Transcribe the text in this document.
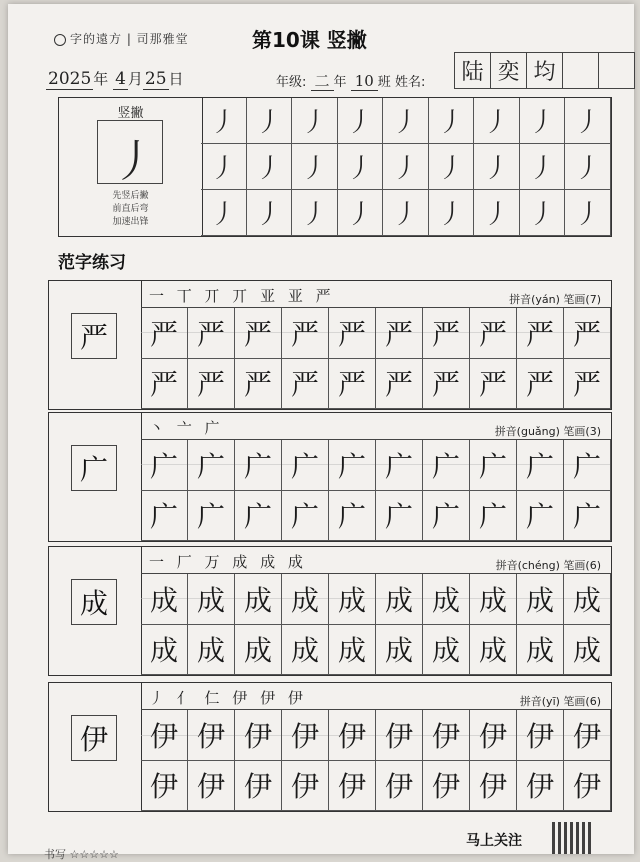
字的遠方 | 司那雅堂	第10课 竖撇
2025 年 4 月 25 日	年级: 二 年 10 班 姓名:	陆 奕 均
竖撇
丿
先竖后撇
前直后弯
加速出锋
丿 丿 丿 丿 丿 丿 丿 丿 丿
丿 丿 丿 丿 丿 丿 丿 丿 丿
丿 丿 丿 丿 丿 丿 丿 丿 丿
范字练习
严
一 丅 丌 丌 亚 亚 严	拼音(yán) 笔画(7)
严 严 严 严 严 严 严 严 严 严
严 严 严 严 严 严 严 严 严 严
广
丶 亠 广	拼音(guǎng) 笔画(3)
广 广 广 广 广 广 广 广 广 广
广 广 广 广 广 广 广 广 广 广
成
一 厂 万 成 成 成	拼音(chéng) 笔画(6)
成 成 成 成 成 成 成 成 成 成
成 成 成 成 成 成 成 成 成 成
伊
丿 亻 仁 伊 伊 伊	拼音(yī) 笔画(6)
伊 伊 伊 伊 伊 伊 伊 伊 伊 伊
伊 伊 伊 伊 伊 伊 伊 伊 伊 伊
书写 ☆☆☆☆☆
马上关注
